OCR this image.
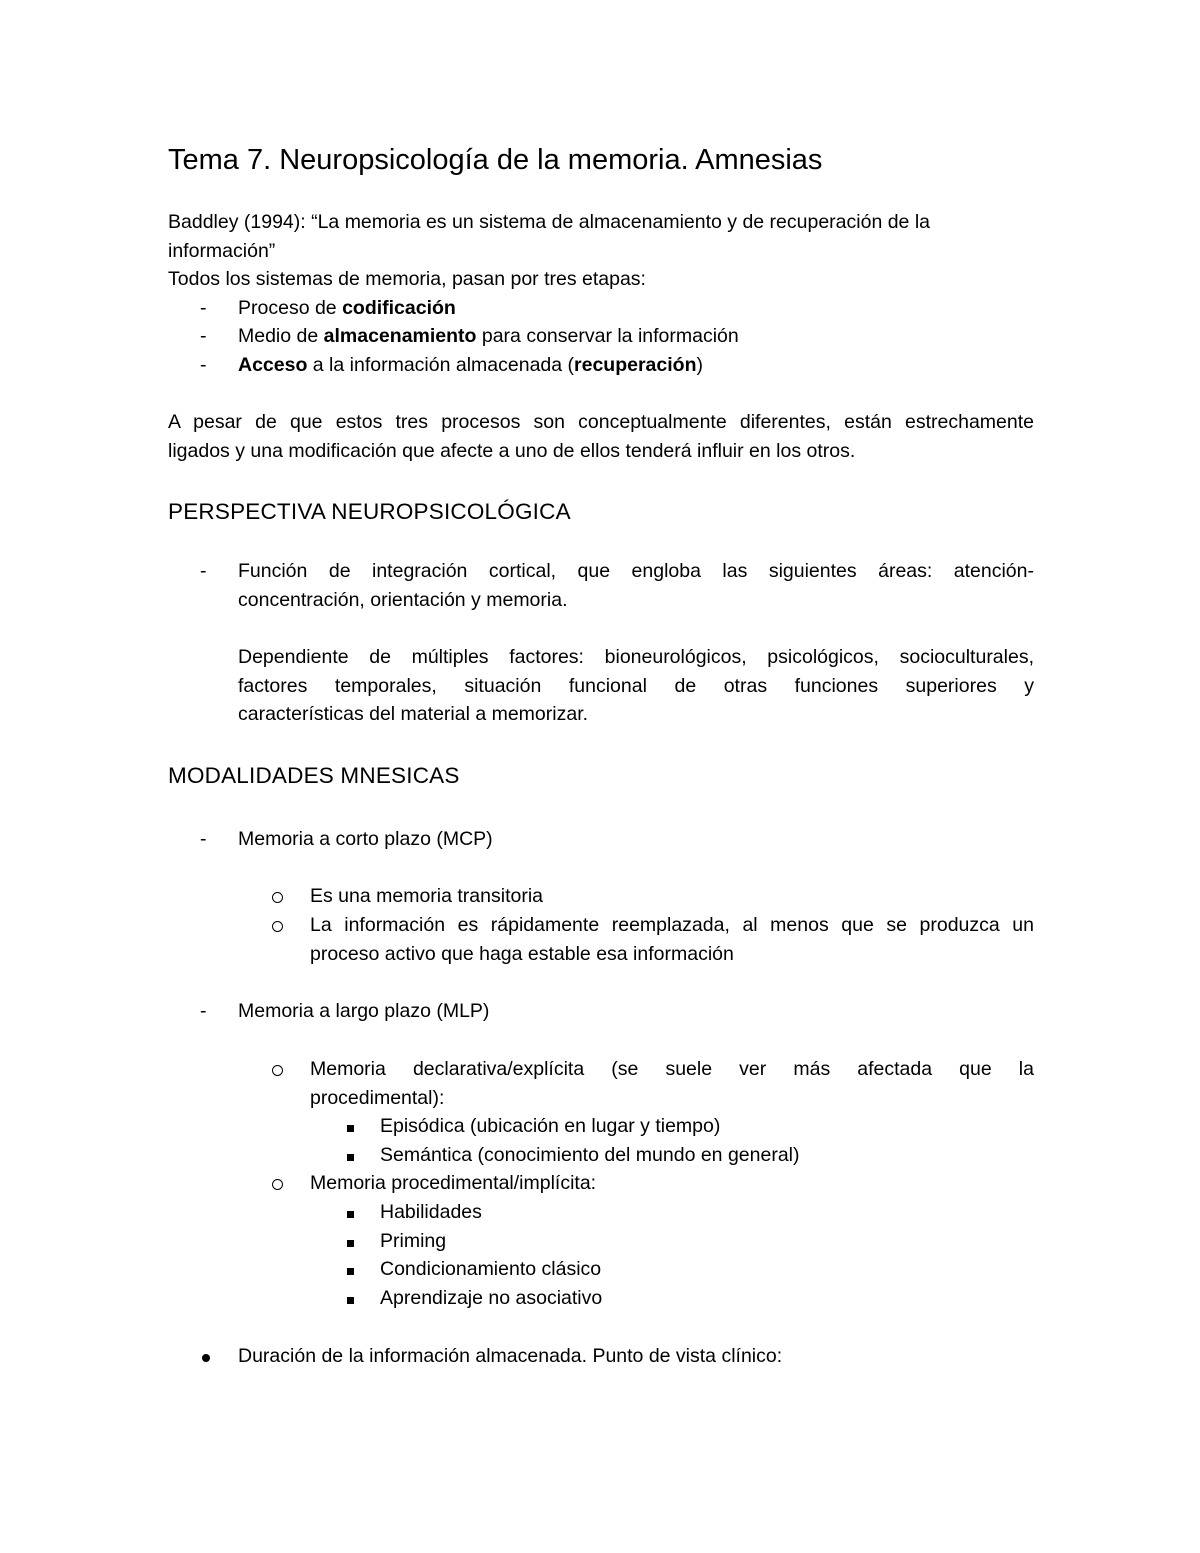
Tema 7. Neuropsicología de la memoria. Amnesias
Baddley (1994): “La memoria es un sistema de almacenamiento y de recuperación de la
información”
Todos los sistemas de memoria, pasan por tres etapas:
-	Proceso de codificación
-	Medio de almacenamiento para conservar la información
-	Acceso a la información almacenada (recuperación)
A pesar de que estos tres procesos son conceptualmente diferentes, están estrechamente
ligados y una modificación que afecte a uno de ellos tenderá influir en los otros.
PERSPECTIVA NEUROPSICOLÓGICA
-	Función de integración cortical, que engloba las siguientes áreas: atención-
concentración, orientación y memoria.
Dependiente de múltiples factores: bioneurológicos, psicológicos, socioculturales,
factores temporales, situación funcional de otras funciones superiores y
características del material a memorizar.
MODALIDADES MNESICAS
-	Memoria a corto plazo (MCP)
Es una memoria transitoria
La información es rápidamente reemplazada, al menos que se produzca un
proceso activo que haga estable esa información
-	Memoria a largo plazo (MLP)
Memoria declarativa/explícita (se suele ver más afectada que la
procedimental):
Episódica (ubicación en lugar y tiempo)
Semántica (conocimiento del mundo en general)
Memoria procedimental/implícita:
Habilidades
Priming
Condicionamiento clásico
Aprendizaje no asociativo
Duración de la información almacenada. Punto de vista clínico:
